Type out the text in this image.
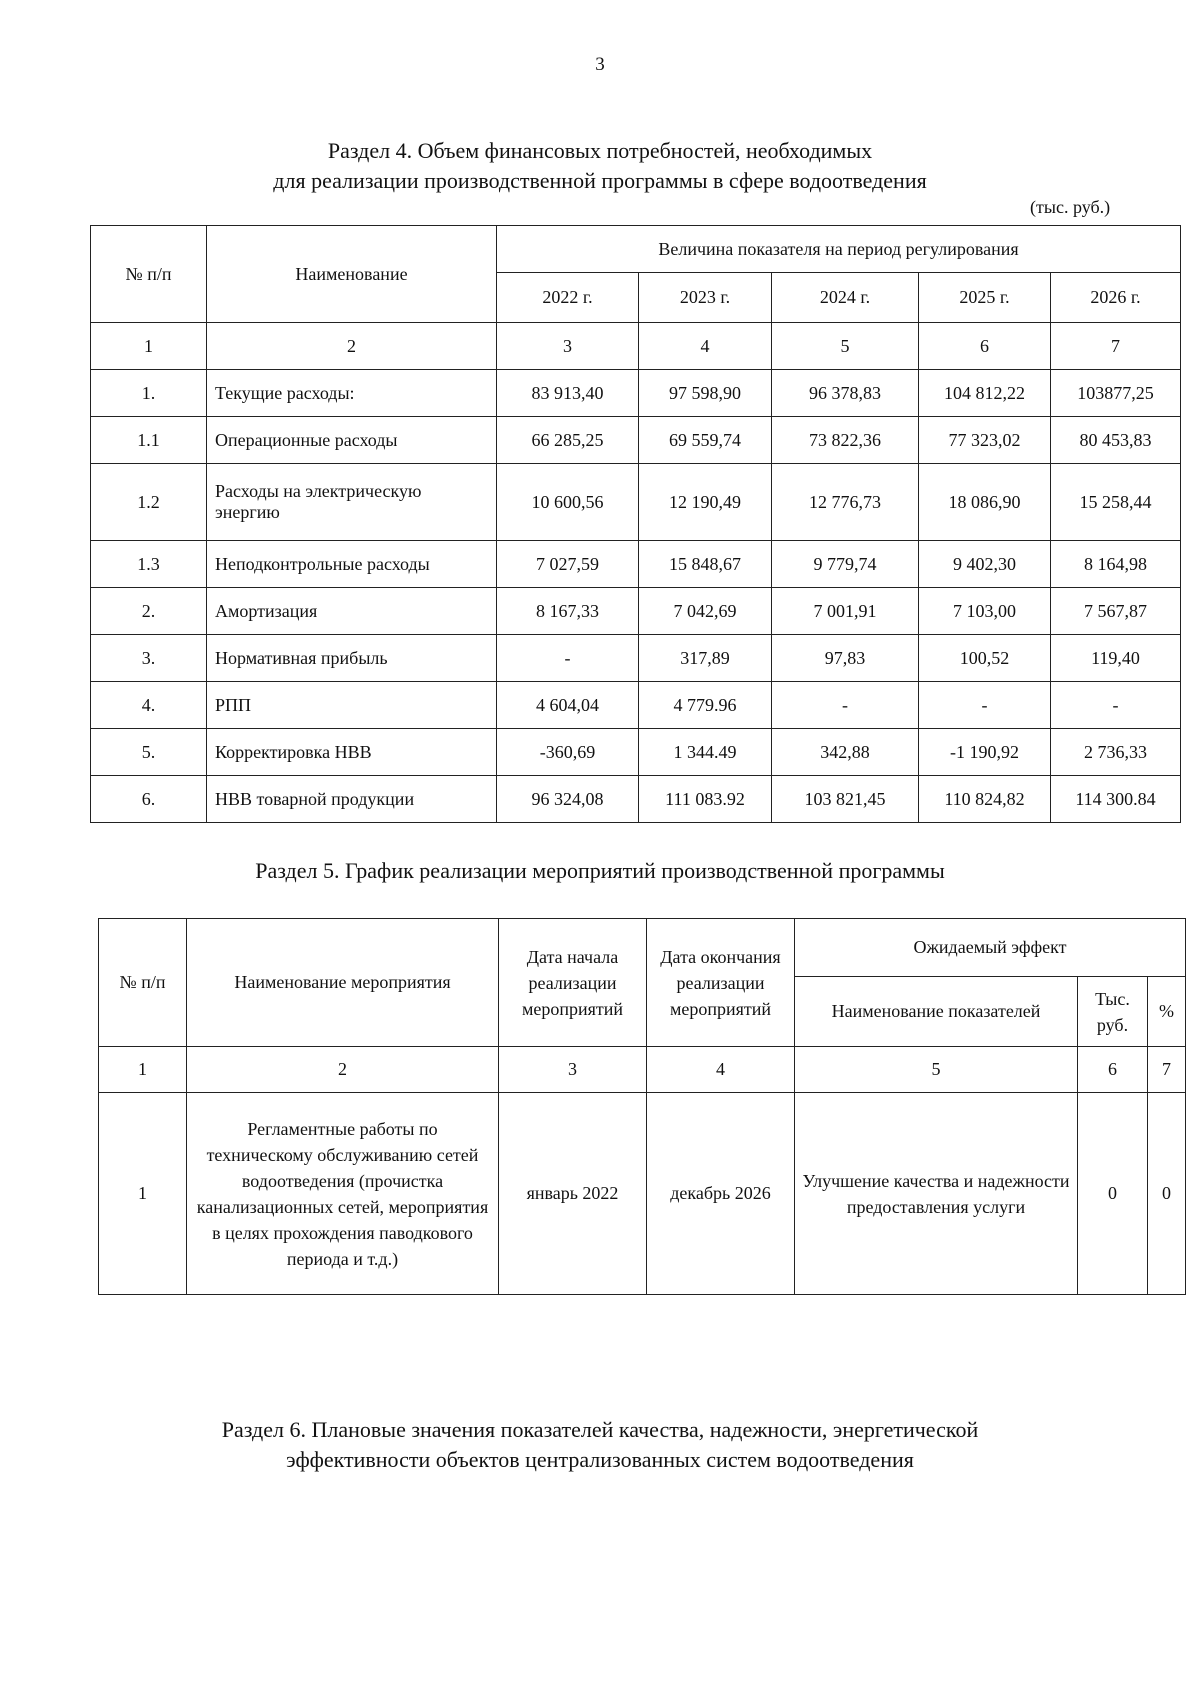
3
Раздел 4. Объем финансовых потребностей, необходимых
для реализации производственной программы в сфере водоотведения
(тыс. руб.)
№ п/п	Наименование	Величина показателя на период регулирования				
		2022 г.	2023 г.	2024 г.	2025 г.	2026 г.
1	2	3	4	5	6	7
1.	Текущие расходы:	83 913,40	97 598,90	96 378,83	104 812,22	103877,25
1.1	Операционные расходы	66 285,25	69 559,74	73 822,36	77 323,02	80 453,83
1.2	Расходы на электрическую энергию	10 600,56	12 190,49	12 776,73	18 086,90	15 258,44
1.3	Неподконтрольные расходы	7 027,59	15 848,67	9 779,74	9 402,30	8 164,98
2.	Амортизация	8 167,33	7 042,69	7 001,91	7 103,00	7 567,87
3.	Нормативная прибыль	-	317,89	97,83	100,52	119,40
4.	РПП	4 604,04	4 779.96	-	-	-
5.	Корректировка НВВ	-360,69	1 344.49	342,88	-1 190,92	2 736,33
6.	НВВ товарной продукции	96 324,08	111 083.92	103 821,45	110 824,82	114 300.84
Раздел 5. График реализации мероприятий производственной программы
№ п/п	Наименование мероприятия	Дата начала реализации мероприятий	Дата окончания реализации мероприятий	Ожидаемый эффект		
				Наименование показателей	Тыс. руб.	%
1	2	3	4	5	6	7
1	Регламентные работы по техническому обслуживанию сетей водоотведения (прочистка канализационных сетей, мероприятия в целях прохождения паводкового периода и т.д.)	январь 2022	декабрь 2026	Улучшение качества и надежности предоставления услуги	0	0
Раздел 6. Плановые значения показателей качества, надежности, энергетической
эффективности объектов централизованных систем водоотведения
